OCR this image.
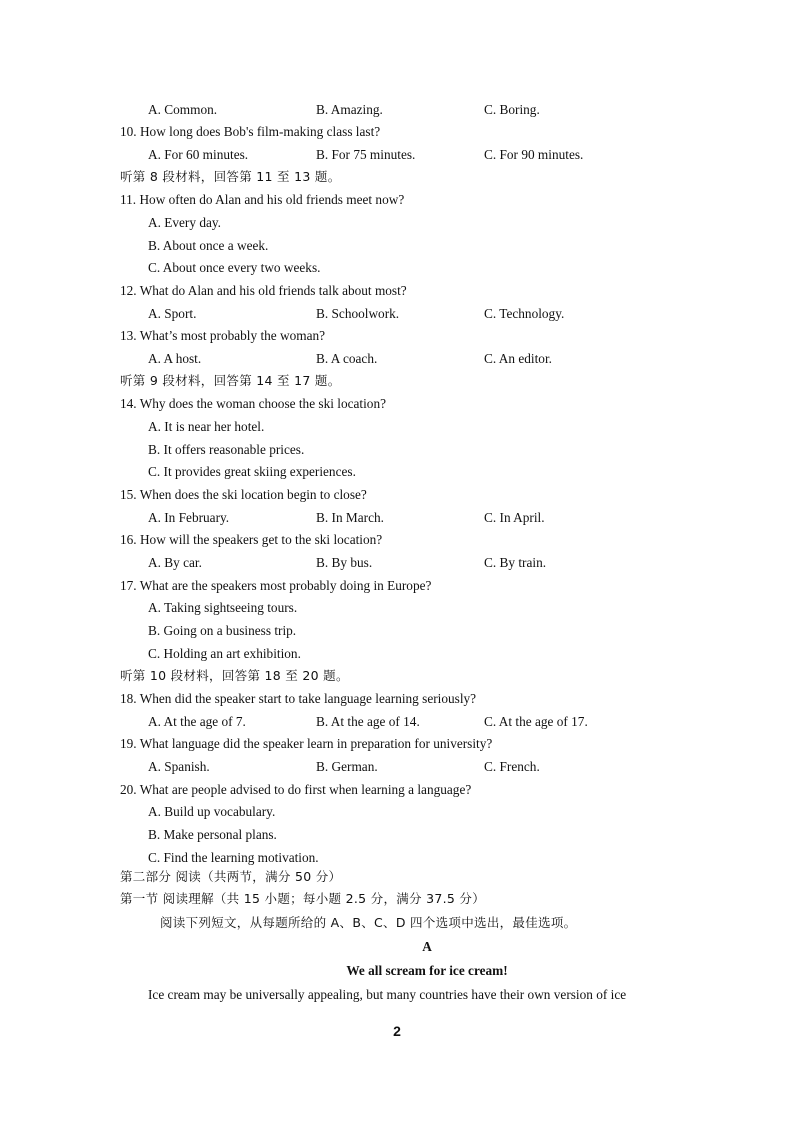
A. Common.	B. Amazing.	C. Boring.
10. How long does Bob's film-making class last?
A. For 60 minutes.	B. For 75 minutes.	C. For 90 minutes.
听第 8 段材料，回答第 11 至 13 题。
11. How often do Alan and his old friends meet now?
A. Every day.
B. About once a week.
C. About once every two weeks.
12. What do Alan and his old friends talk about most?
A. Sport.	B. Schoolwork.	C. Technology.
13. What’s most probably the woman?
A. A host.	B. A coach.	C. An editor.
听第 9 段材料，回答第 14 至 17 题。
14. Why does the woman choose the ski location?
A. It is near her hotel.
B. It offers reasonable prices.
C. It provides great skiing experiences.
15. When does the ski location begin to close?
A. In February.	B. In March.	C. In April.
16. How will the speakers get to the ski location?
A. By car.	B. By bus.	C. By train.
17. What are the speakers most probably doing in Europe?
A. Taking sightseeing tours.
B. Going on a business trip.
C. Holding an art exhibition.
听第 10 段材料，回答第 18 至 20 题。
18. When did the speaker start to take language learning seriously?
A. At the age of 7.	B. At the age of 14.	C. At the age of 17.
19. What language did the speaker learn in preparation for university?
A. Spanish.	B. German.	C. French.
20. What are people advised to do first when learning a language?
A. Build up vocabulary.
B. Make personal plans.
C. Find the learning motivation.
第二部分 阅读（共两节，满分 50 分）
第一节 阅读理解（共 15 小题；每小题 2.5 分，满分 37.5 分）
阅读下列短文，从每题所给的 A、B、C、D 四个选项中选出，最佳选项。
A
We all scream for ice cream!
Ice cream may be universally appealing, but many countries have their own version of ice
2
